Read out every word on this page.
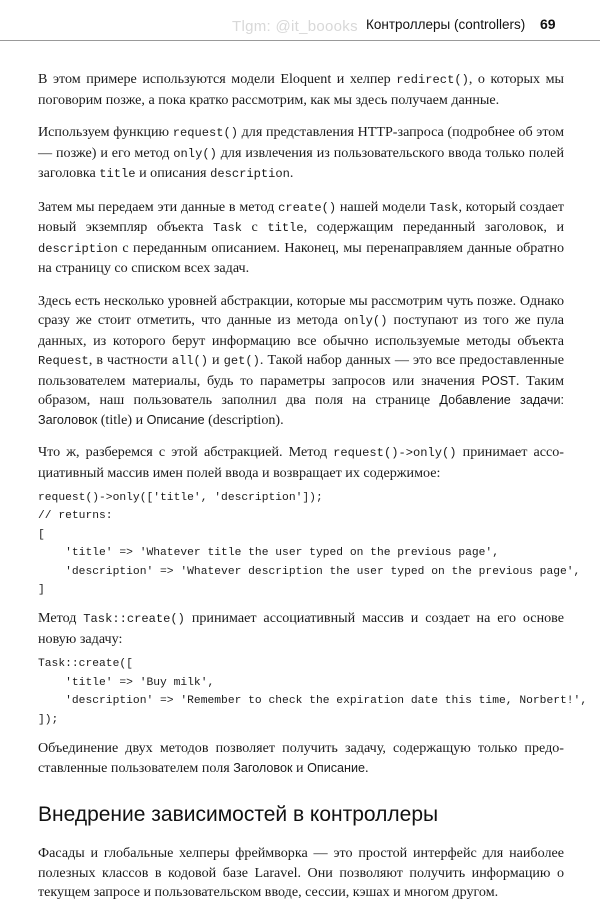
Tlgm: @it_boooks Контроллеры (controllers) 69

В этом примере используются модели Eloquent и хелпер redirect(), о которых мы поговорим позже, а пока кратко рассмотрим, как мы здесь получаем данные.

Используем функцию request() для представления HTTP-запроса (подробнее об этом — позже) и его метод only() для извлечения из пользовательского ввода только полей заголовка title и описания description.

Затем мы передаем эти данные в метод create() нашей модели Task, который создает новый экземпляр объекта Task с title, содержащим переданный заголовок, и description с переданным описанием. Наконец, мы перенаправляем данные обратно на страницу со списком всех задач.

Здесь есть несколько уровней абстракции, которые мы рассмотрим чуть позже. Однако сразу же стоит отметить, что данные из метода only() поступают из того же пула данных, из которого берут информацию все обычно используемые методы объекта Request, в частности all() и get(). Такой набор данных — это все предоставленные пользователем материалы, будь то параметры запросов или значения POST. Таким образом, наш пользователь заполнил два поля на странице Добавление задачи: Заголовок (title) и Описание (description).

Что ж, разберемся с этой абстракцией. Метод request()->only() принимает ассоциативный массив имен полей ввода и возвращает их содержимое:

request()->only(['title', 'description']);
// returns:
[
'title' => 'Whatever title the user typed on the previous page',
'description' => 'Whatever description the user typed on the previous page',
]

Метод Task::create() принимает ассоциативный массив и создает на его основе новую задачу:

Task::create([
'title' => 'Buy milk',
'description' => 'Remember to check the expiration date this time, Norbert!',
]);

Объединение двух методов позволяет получить задачу, содержащую только предоставленные пользователем поля Заголовок и Описание.

Внедрение зависимостей в контроллеры

Фасады и глобальные хелперы фреймворка — это простой интерфейс для наиболее полезных классов в кодовой базе Laravel. Они позволяют получить информацию о текущем запросе и пользовательском вводе, сессии, кэшах и многом другом.
